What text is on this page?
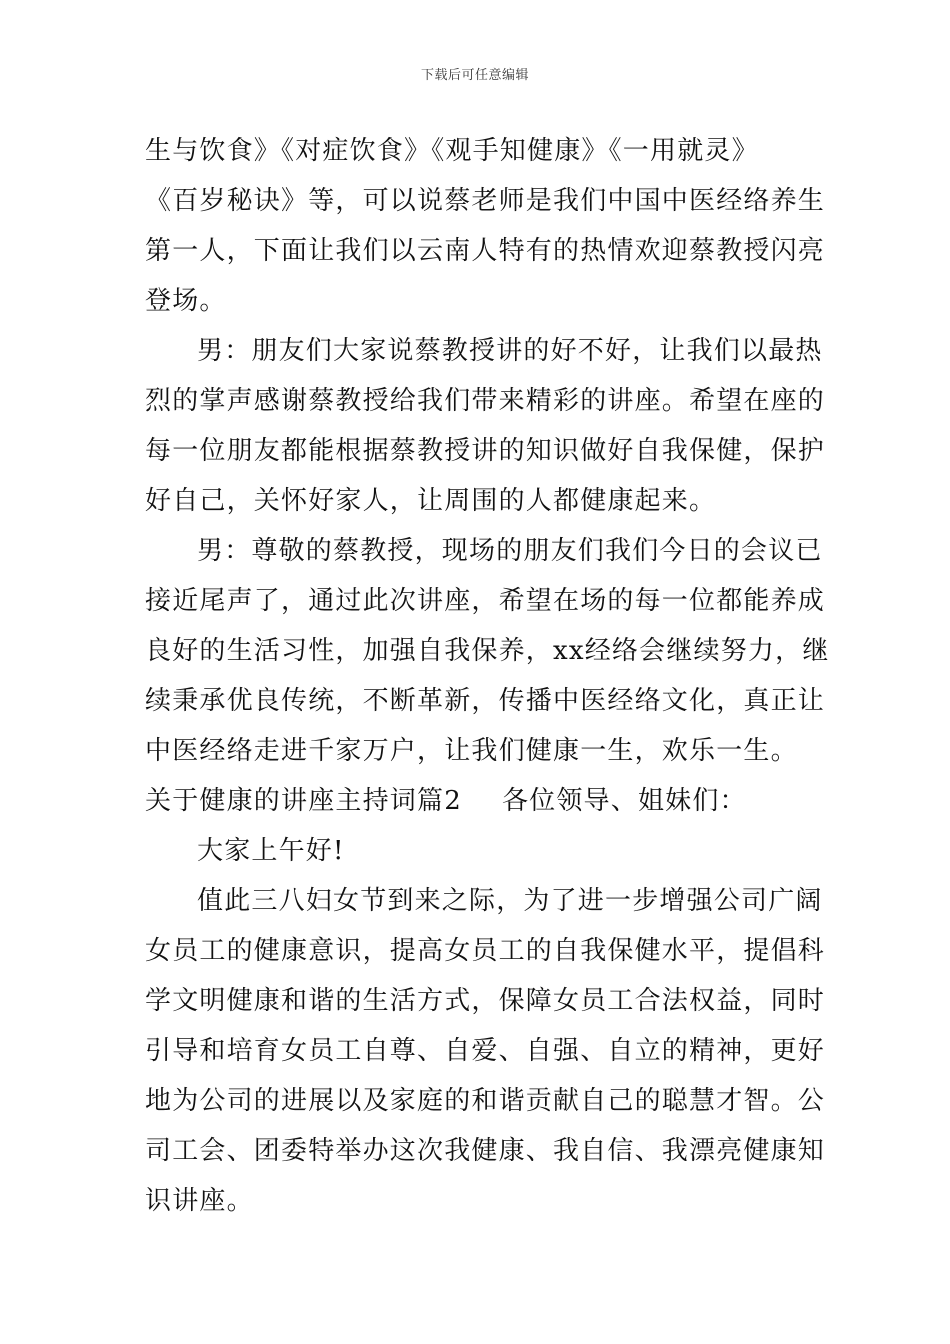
下载后可任意编辑
生与饮食》《对症饮食》《观手知健康》《一用就灵》
《百岁秘诀》等，可以说蔡老师是我们中国中医经络养生
第一人，下面让我们以云南人特有的热情欢迎蔡教授闪亮
登场。
男：朋友们大家说蔡教授讲的好不好，让我们以最热
烈的掌声感谢蔡教授给我们带来精彩的讲座。希望在座的
每一位朋友都能根据蔡教授讲的知识做好自我保健，保护
好自己，关怀好家人，让周围的人都健康起来。
男：尊敬的蔡教授，现场的朋友们我们今日的会议已
接近尾声了，通过此次讲座，希望在场的每一位都能养成
良好的生活习性，加强自我保养，xx经络会继续努力，继
续秉承优良传统，不断革新，传播中医经络文化，真正让
中医经络走进千家万户，让我们健康一生，欢乐一生。
关于健康的讲座主持词篇2 各位领导、姐妹们：
大家上午好!
值此三八妇女节到来之际，为了进一步增强公司广阔
女员工的健康意识，提高女员工的自我保健水平，提倡科
学文明健康和谐的生活方式，保障女员工合法权益，同时
引导和培育女员工自尊、自爱、自强、自立的精神，更好
地为公司的进展以及家庭的和谐贡献自己的聪慧才智。公
司工会、团委特举办这次我健康、我自信、我漂亮健康知
识讲座。
